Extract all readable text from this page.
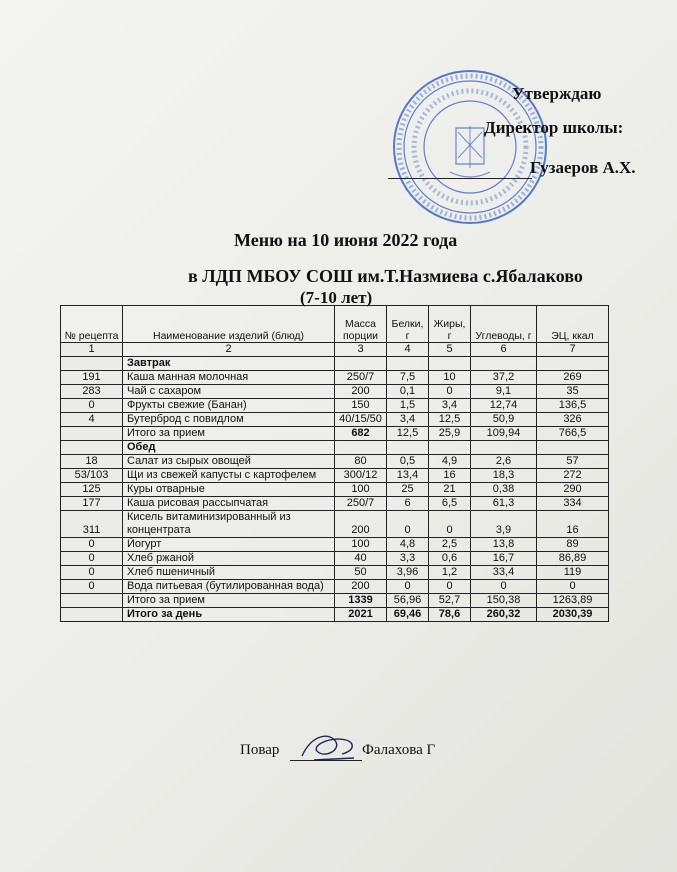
Утверждаю
Директор школы:
Гузаеров А.Х.
Меню на 10 июня 2022 года
в ЛДП МБОУ СОШ им.Т.Назмиева с.Ябалаково
(7-10 лет)
№ рецепта	Наименование изделий (блюд)	Масса порции	Белки, г	Жиры, г	Углеводы, г	ЭЦ, ккал
1	2	3	4	5	6	7
	Завтрак					
191	Каша манная молочная	250/7	7,5	10	37,2	269
283	Чай с сахаром	200	0,1	0	9,1	35
0	Фрукты свежие (Банан)	150	1,5	3,4	12,74	136,5
4	Бутерброд с повидлом	40/15/50	3,4	12,5	50,9	326
	Итого за прием	682	12,5	25,9	109,94	766,5
	Обед					
18	Салат из сырых овощей	80	0,5	4,9	2,6	57
53/103	Щи из свежей капусты с картофелем	300/12	13,4	16	18,3	272
125	Куры отварные	100	25	21	0,38	290
177	Каша рисовая рассыпчатая	250/7	6	6,5	61,3	334
311	Кисель витаминизированный из концентрата	200	0	0	3,9	16
0	Йогурт	100	4,8	2,5	13,8	89
0	Хлеб ржаной	40	3,3	0,6	16,7	86,89
0	Хлеб пшеничный	50	3,96	1,2	33,4	119
0	Вода питьевая (бутилированная вода)	200	0	0	0	0
	Итого за прием	1339	56,96	52,7	150,38	1263,89
	Итого за день	2021	69,46	78,6	260,32	2030,39
Повар	Фалахова Г
